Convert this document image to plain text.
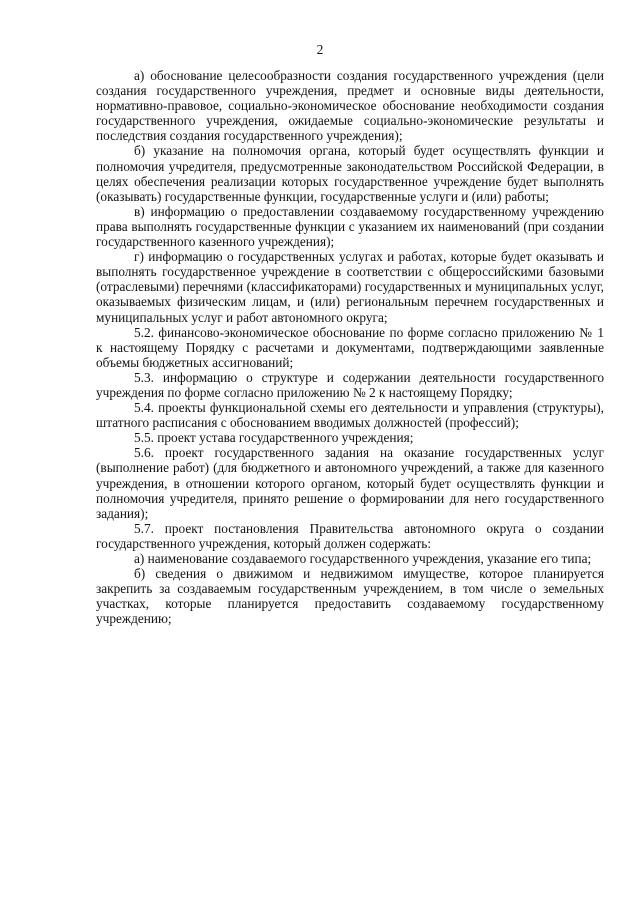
2

а) обоснование целесообразности создания государственного учреждения (цели создания государственного учреждения, предмет и основные виды деятельности, нормативно-правовое, социально-экономическое обоснование необходимости создания государственного учреждения, ожидаемые социально-экономические результаты и последствия создания государственного учреждения);

б) указание на полномочия органа, который будет осуществлять функции и полномочия учредителя, предусмотренные законодательством Российской Федерации, в целях обеспечения реализации которых государственное учреждение будет выполнять (оказывать) государственные функции, государственные услуги и (или) работы;

в) информацию о предоставлении создаваемому государственному учреждению права выполнять государственные функции с указанием их наименований (при создании государственного казенного учреждения);

г) информацию о государственных услугах и работах, которые будет оказывать и выполнять государственное учреждение в соответствии с общероссийскими базовыми (отраслевыми) перечнями (классификаторами) государственных и муниципальных услуг, оказываемых физическим лицам, и (или) региональным перечнем государственных и муниципальных услуг и работ автономного округа;

5.2. финансово-экономическое обоснование по форме согласно приложению № 1 к настоящему Порядку с расчетами и документами, подтверждающими заявленные объемы бюджетных ассигнований;

5.3. информацию о структуре и содержании деятельности государственного учреждения по форме согласно приложению № 2 к настоящему Порядку;

5.4. проекты функциональной схемы его деятельности и управления (структуры), штатного расписания с обоснованием вводимых должностей (профессий);

5.5. проект устава государственного учреждения;

5.6. проект государственного задания на оказание государственных услуг (выполнение работ) (для бюджетного и автономного учреждений, а также для казенного учреждения, в отношении которого органом, который будет осуществлять функции и полномочия учредителя, принято решение о формировании для него государственного задания);

5.7. проект постановления Правительства автономного округа о создании государственного учреждения, который должен содержать:

а) наименование создаваемого государственного учреждения, указание его типа;

б) сведения о движимом и недвижимом имуществе, которое планируется закрепить за создаваемым государственным учреждением, в том числе о земельных участках, которые планируется предоставить создаваемому государственному учреждению;
